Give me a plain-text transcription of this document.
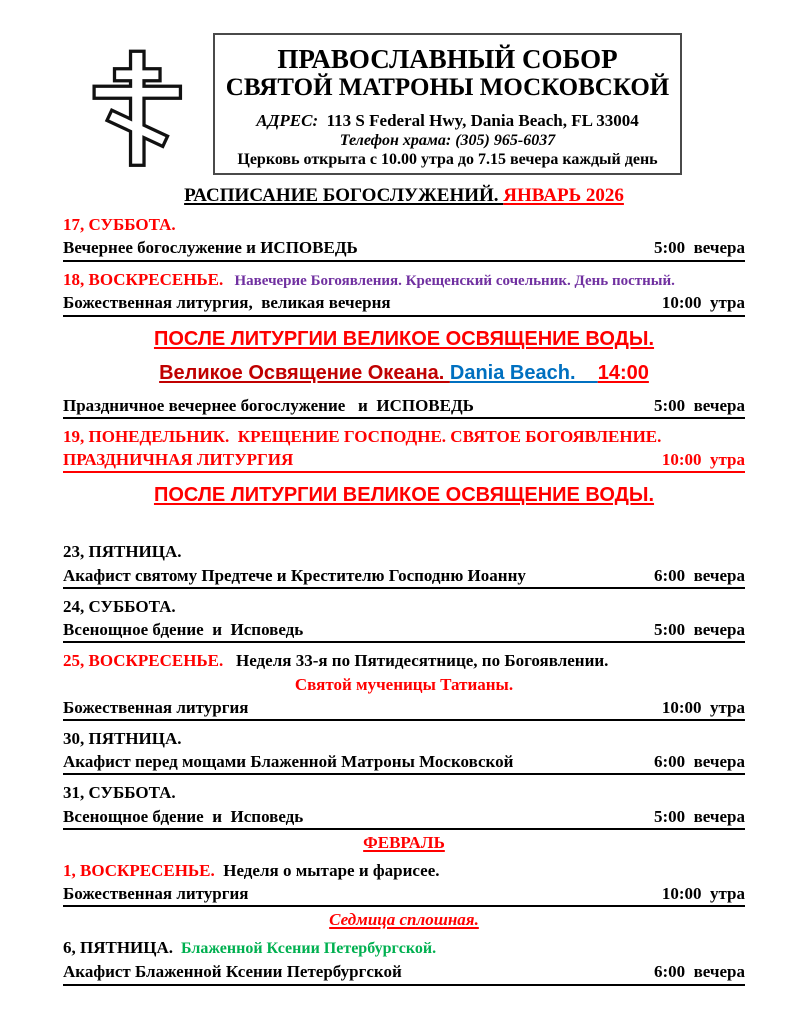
ПРАВОСЛАВНЫЙ СОБОР
СВЯТОЙ МАТРОНЫ МОСКОВСКОЙ
АДРЕС:  113 S Federal Hwy, Dania Beach, FL 33004
Телефон храма: (305) 965-6037
Церковь открыта с 10.00 утра до 7.15 вечера каждый день
РАСПИСАНИЕ БОГОСЛУЖЕНИЙ. ЯНВАРЬ 2026
17, СУББОТА.
Вечернее богослужение и ИСПОВЕДЬ	5:00  вечера
18, ВОСКРЕСЕНЬЕ.   Навечерие Богоявления. Крещенский сочельник. День постный.
Божественная литургия,  великая вечерня	10:00  утра
ПОСЛЕ ЛИТУРГИИ ВЕЛИКОЕ ОСВЯЩЕНИЕ ВОДЫ.
Великое Освящение Океана. Dania Beach.    14:00
Праздничное вечернее богослужение   и  ИСПОВЕДЬ	5:00  вечера
19, ПОНЕДЕЛЬНИК.  КРЕЩЕНИЕ ГОСПОДНЕ. СВЯТОЕ БОГОЯВЛЕНИЕ.
ПРАЗДНИЧНАЯ ЛИТУРГИЯ	10:00  утра
ПОСЛЕ ЛИТУРГИИ ВЕЛИКОЕ ОСВЯЩЕНИЕ ВОДЫ.
23, ПЯТНИЦА.
Акафист святому Предтече и Крестителю Господню Иоанну	6:00  вечера
24, СУББОТА.
Всенощное бдение  и  Исповедь	5:00  вечера
25, ВОСКРЕСЕНЬЕ.   Неделя 33-я по Пятидесятнице, по Богоявлении.
Святой мученицы Татианы.
Божественная литургия	10:00  утра
30, ПЯТНИЦА.
Акафист перед мощами Блаженной Матроны Московской	6:00  вечера
31, СУББОТА.
Всенощное бдение  и  Исповедь	5:00  вечера
ФЕВРАЛЬ
1, ВОСКРЕСЕНЬЕ.  Неделя о мытаре и фарисее.
Божественная литургия	10:00  утра
Седмица сплошная.
6, ПЯТНИЦА.  Блаженной Ксении Петербургской.
Акафист Блаженной Ксении Петербургской	6:00  вечера
